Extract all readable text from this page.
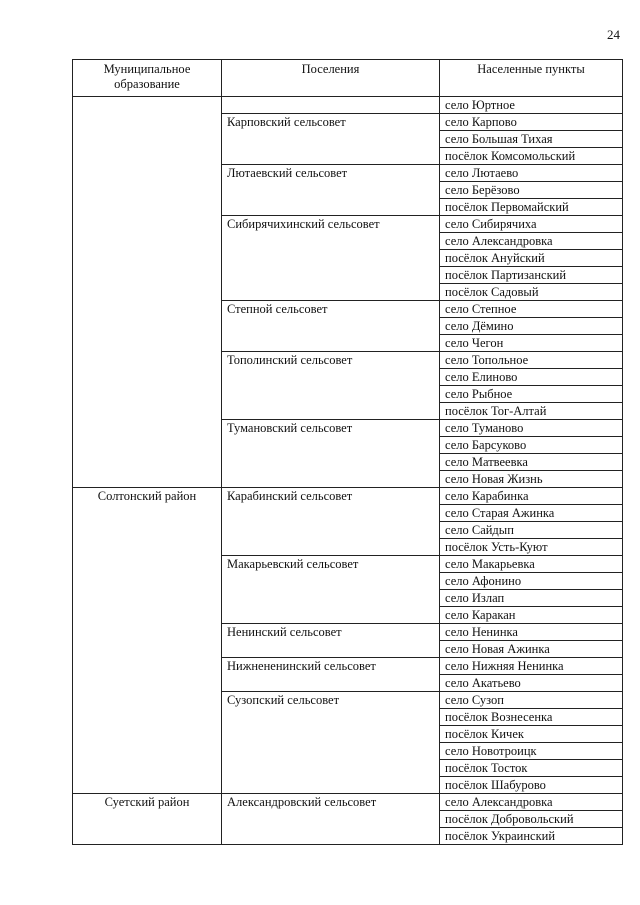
24
Муниципальное образование	Поселения	Населенные пункты
		село Юртное
	Карповский сельсовет	село Карпово
		село Большая Тихая
		посёлок Комсомольский
	Лютаевский сельсовет	село Лютаево
		село Берёзово
		посёлок Первомайский
	Сибирячихинский сельсовет	село Сибирячиха
		село Александровка
		посёлок Ануйский
		посёлок Партизанский
		посёлок Садовый
	Степной сельсовет	село Степное
		село Дёмино
		село Чегон
	Тополинский сельсовет	село Топольное
		село Елиново
		село Рыбное
		посёлок Тог-Алтай
	Тумановский сельсовет	село Туманово
		село Барсуково
		село Матвеевка
		село Новая Жизнь
Солтонский район	Карабинский сельсовет	село Карабинка
		село Старая Ажинка
		село Сайдып
		посёлок Усть-Куют
	Макарьевский сельсовет	село Макарьевка
		село Афонино
		село Излап
		село Каракан
	Ненинский сельсовет	село Ненинка
		село Новая Ажинка
	Нижнененинский сельсовет	село Нижняя Ненинка
		село Акатьево
	Сузопский сельсовет	село Сузоп
		посёлок Вознесенка
		посёлок Кичек
		село Новотроицк
		посёлок Тосток
		посёлок Шабурово
Суетский район	Александровский сельсовет	село Александровка
		посёлок Добровольский
		посёлок Украинский
